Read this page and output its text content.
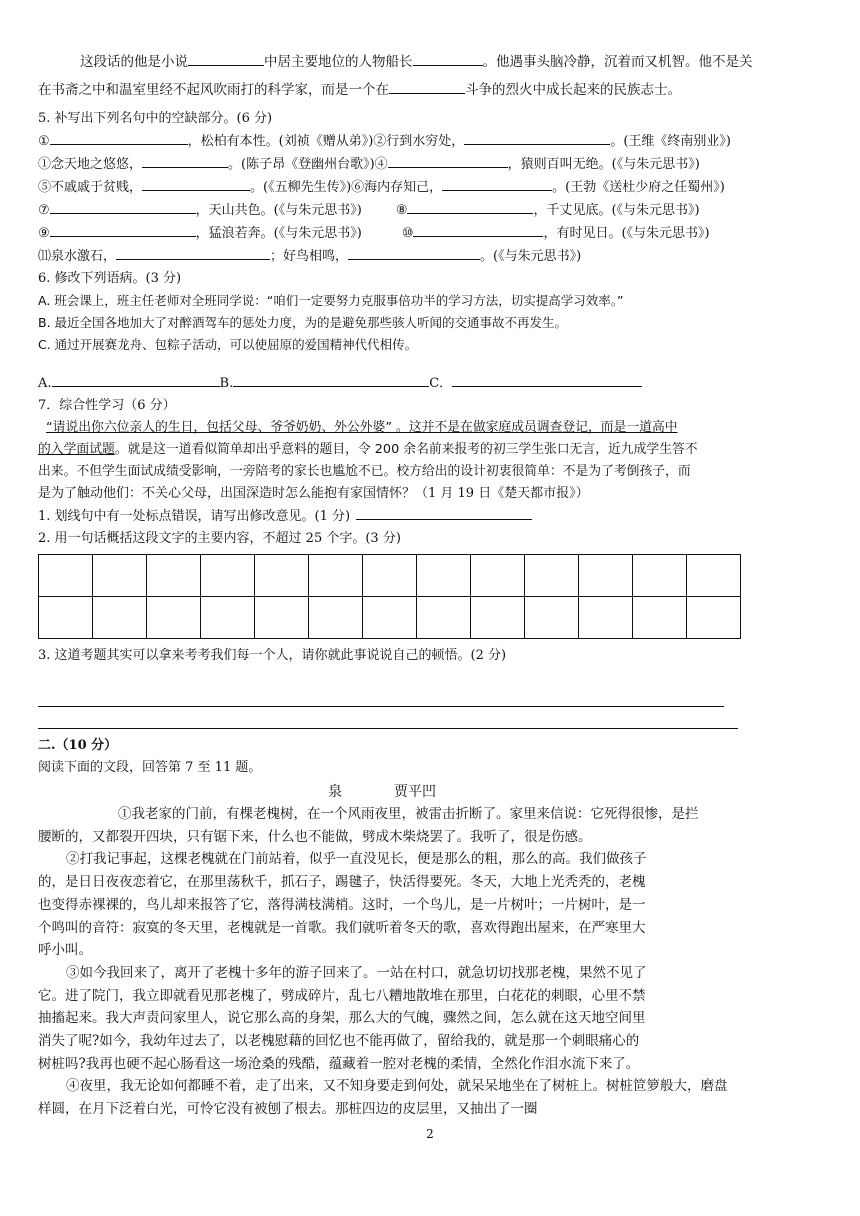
这段话的他是小说	中居主要地位的人物船长	。他遇事头脑冷静，沉着而又机智。他不是关
在书斋之中和温室里经不起风吹雨打的科学家，而是一个在	斗争的烈火中成长起来的民族志士。
5. 补写出下列名句中的空缺部分。(6 分)
①	，松柏有本性。(刘祯《赠从弟》)②行到水穷处，	。(王维《终南别业》)
①念天地之悠悠，	。(陈子昂《登幽州台歌》)④	，猿则百叫无绝。(《与朱元思书》)
⑤不戚戚于贫贱，	。(《五柳先生传》)⑥海内存知己，	。(王勃《送杜少府之任蜀州》)
⑦	，天山共色。(《与朱元思书》)	⑧	，千丈见底。(《与朱元思书》)
⑨	，猛浪若奔。(《与朱元思书》)	⑩	，有时见日。(《与朱元思书》)
⑾泉水激石，	；好鸟相鸣，	。(《与朱元思书》)
6. 修改下列语病。(3 分)
A. 班会课上，班主任老师对全班同学说：“咱们一定要努力克服事倍功半的学习方法，切实提高学习效率。”
B. 最近全国各地加大了对醉酒驾车的惩处力度，为的是避免那些骇人听闻的交通事故不再发生。
C. 通过开展赛龙舟、包粽子活动，可以使屈原的爱国精神代代相传。
A.	B.	C．
7．综合性学习（6 分）
“请说出你六位亲人的生日，包括父母、爷爷奶奶、外公外婆” 。这并不是在做家庭成员调查登记，而是一道高中
的入学面试题。就是这一道看似简单却出乎意料的题目，令 200 余名前来报考的初三学生张口无言，近九成学生答不
出来。不但学生面试成绩受影响，一旁陪考的家长也尴尬不已。校方给出的设计初衷很简单：不是为了考倒孩子，而
是为了触动他们：不关心父母，出国深造时怎么能抱有家国情怀？（1 月 19 日《楚天都市报》）
1. 划线句中有一处标点错误，请写出修改意见。(1 分)
2. 用一句话概括这段文字的主要内容，不超过 25 个字。(3 分)

3. 这道考题其实可以拿来考考我们每一个人，请你就此事说说自己的顿悟。(2 分)
二.（10 分）
阅读下面的文段，回答第 7 至 11 题。
泉	贾平凹
①我老家的门前，有棵老槐树，在一个风雨夜里，被雷击折断了。家里来信说：它死得很惨，是拦
腰断的，又都裂开四块，只有锯下来，什么也不能做，劈成木柴烧罢了。我听了，很是伤感。
②打我记事起，这棵老槐就在门前站着，似乎一直没见长，便是那么的粗，那么的高。我们做孩子
的，是日日夜夜恋着它，在那里荡秋千，抓石子，踢毽子，快活得要死。冬天，大地上光秃秃的，老槐
也变得赤裸裸的，鸟儿却来报答了它，落得满枝满梢。这时，一个鸟儿，是一片树叶；一片树叶，是一
个鸣叫的音符：寂寞的冬天里，老槐就是一首歌。我们就听着冬天的歌，喜欢得跑出屋来，在严寒里大
呼小叫。
③如今我回来了，离开了老槐十多年的游子回来了。一站在村口，就急切切找那老槐，果然不见了
它。进了院门，我立即就看见那老槐了，劈成碎片，乱七八糟地散堆在那里，白花花的刺眼，心里不禁
抽搐起来。我大声责问家里人，说它那么高的身架，那么大的气魄，骤然之间，怎么就在这天地空间里
消失了呢?如今，我幼年过去了，以老槐慰藉的回忆也不能再做了，留给我的，就是那一个刺眼痛心的
树桩吗?我再也硬不起心肠看这一场沧桑的残酷，蕴藏着一腔对老槐的柔情，全然化作泪水流下来了。
④夜里，我无论如何都睡不着，走了出来，又不知身要走到何处，就呆呆地坐在了树桩上。树桩笸箩般大，磨盘
样圆，在月下泛着白光，可怜它没有被刨了根去。那桩四边的皮层里，又抽出了一圈
2
